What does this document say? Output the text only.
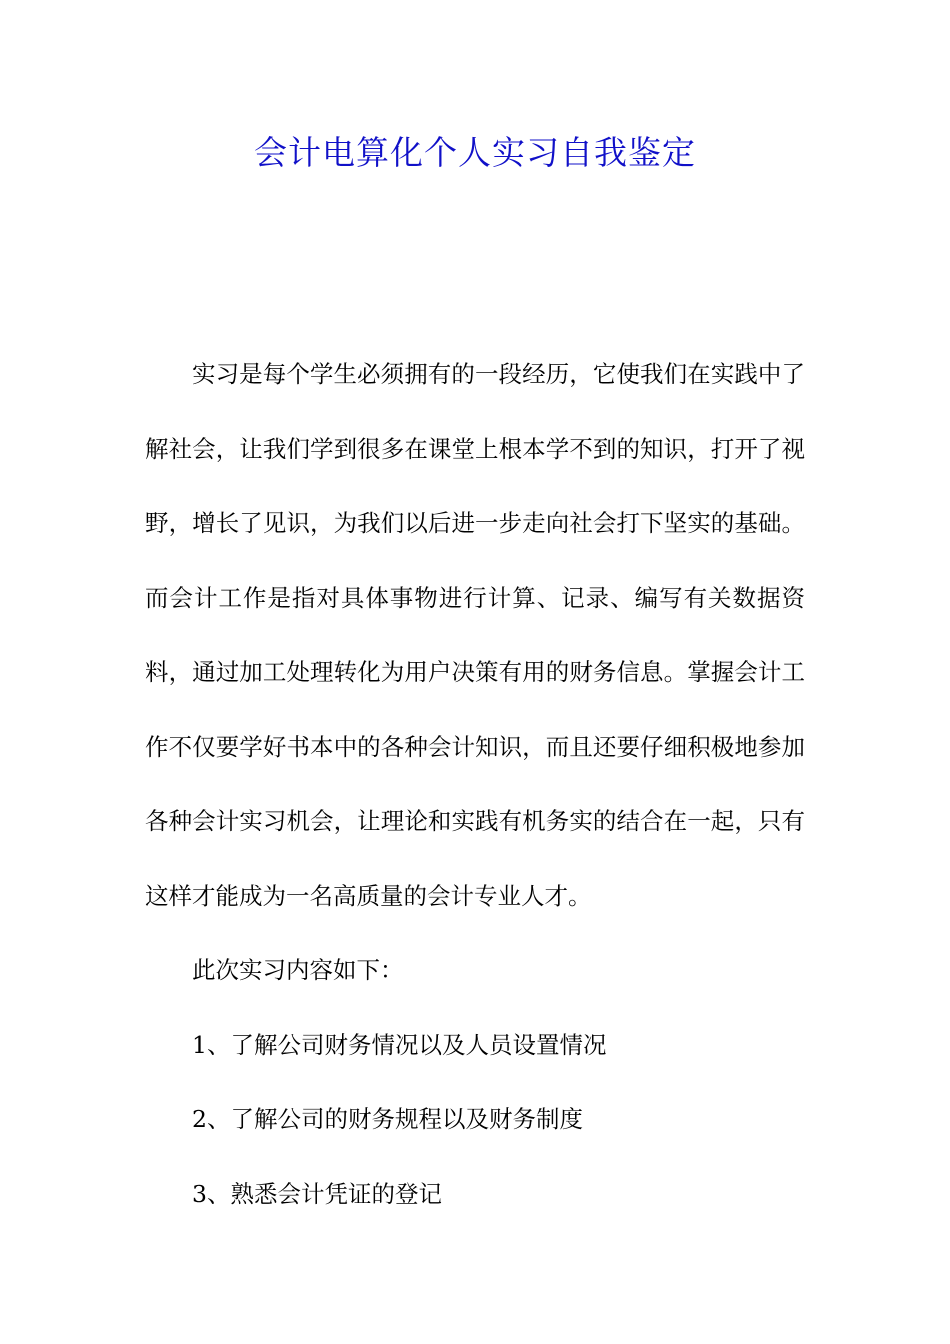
会计电算化个人实习自我鉴定

实习是每个学生必须拥有的一段经历，它使我们在实践中了解社会，让我们学到很多在课堂上根本学不到的知识，打开了视野，增长了见识，为我们以后进一步走向社会打下坚实的基础。而会计工作是指对具体事物进行计算、记录、编写有关数据资料，通过加工处理转化为用户决策有用的财务信息。掌握会计工作不仅要学好书本中的各种会计知识，而且还要仔细积极地参加各种会计实习机会，让理论和实践有机务实的结合在一起，只有这样才能成为一名高质量的会计专业人才。

此次实习内容如下：

1、了解公司财务情况以及人员设置情况

2、了解公司的财务规程以及财务制度

3、熟悉会计凭证的登记
